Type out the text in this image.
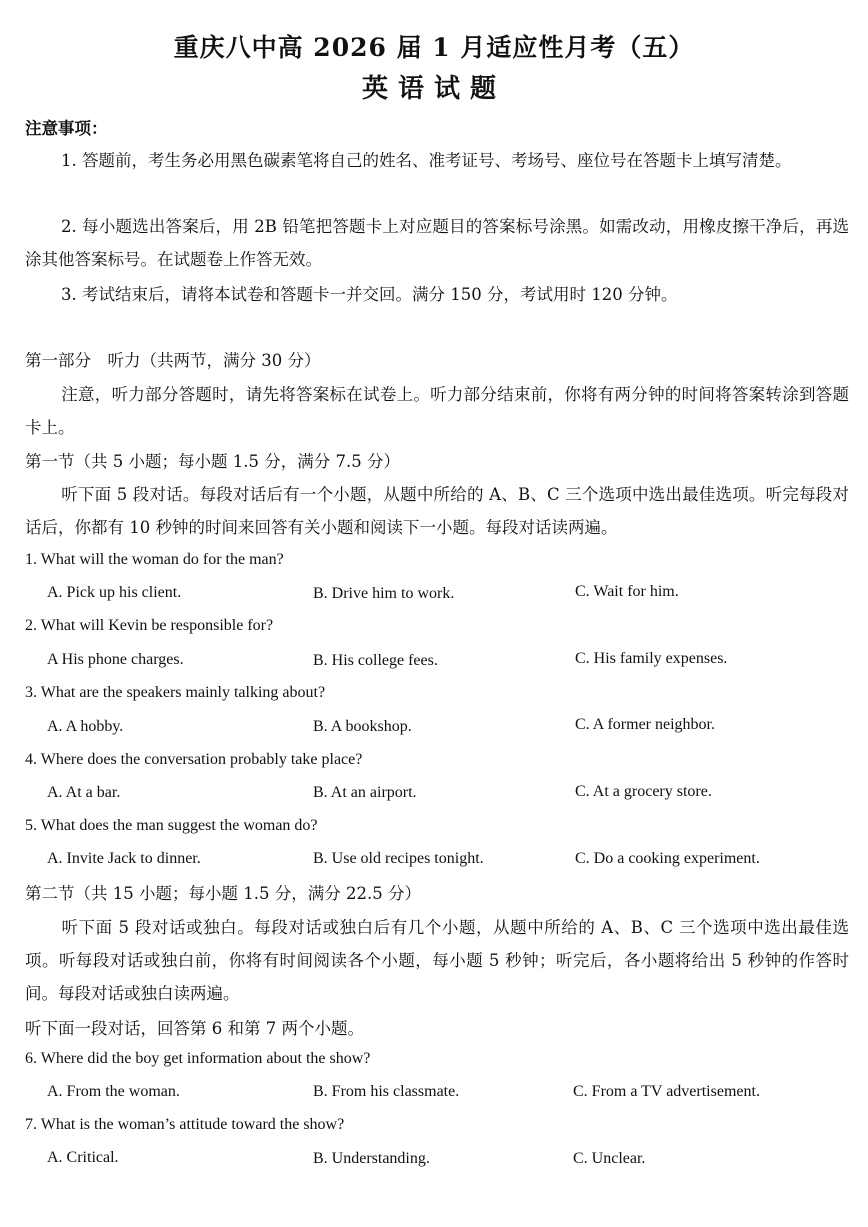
重庆八中高 2026 届 1 月适应性月考（五）
英语试题
注意事项：
1. 答题前，考生务必用黑色碳素笔将自己的姓名、准考证号、考场号、座位号在答题卡上填写清楚。
2. 每小题选出答案后，用 2B 铅笔把答题卡上对应题目的答案标号涂黑。如需改动，用橡皮擦干净后，再选涂其他答案标号。在试题卷上作答无效。
3. 考试结束后，请将本试卷和答题卡一并交回。满分 150 分，考试用时 120 分钟。
第一部分　听力（共两节，满分 30 分）
注意，听力部分答题时，请先将答案标在试卷上。听力部分结束前，你将有两分钟的时间将答案转涂到答题卡上。
第一节（共 5 小题；每小题 1.5 分，满分 7.5 分）
听下面 5 段对话。每段对话后有一个小题，从题中所给的 A、B、C 三个选项中选出最佳选项。听完每段对话后，你都有 10 秒钟的时间来回答有关小题和阅读下一小题。每段对话读两遍。
1. What will the woman do for the man?
A. Pick up his client.	B. Drive him to work.	C. Wait for him.
2. What will Kevin be responsible for?
A His phone charges.	B. His college fees.	C. His family expenses.
3. What are the speakers mainly talking about?
A. A hobby.	B. A bookshop.	C. A former neighbor.
4. Where does the conversation probably take place?
A. At a bar.	B. At an airport.	C. At a grocery store.
5. What does the man suggest the woman do?
A. Invite Jack to dinner.	B. Use old recipes tonight.	C. Do a cooking experiment.
第二节（共 15 小题；每小题 1.5 分，满分 22.5 分）
听下面 5 段对话或独白。每段对话或独白后有几个小题，从题中所给的 A、B、C 三个选项中选出最佳选项。听每段对话或独白前，你将有时间阅读各个小题，每小题 5 秒钟；听完后，各小题将给出 5 秒钟的作答时间。每段对话或独白读两遍。
听下面一段对话，回答第 6 和第 7 两个小题。
6. Where did the boy get information about the show?
A. From the woman.	B. From his classmate.	C. From a TV advertisement.
7. What is the woman’s attitude toward the show?
A. Critical.	B. Understanding.	C. Unclear.
